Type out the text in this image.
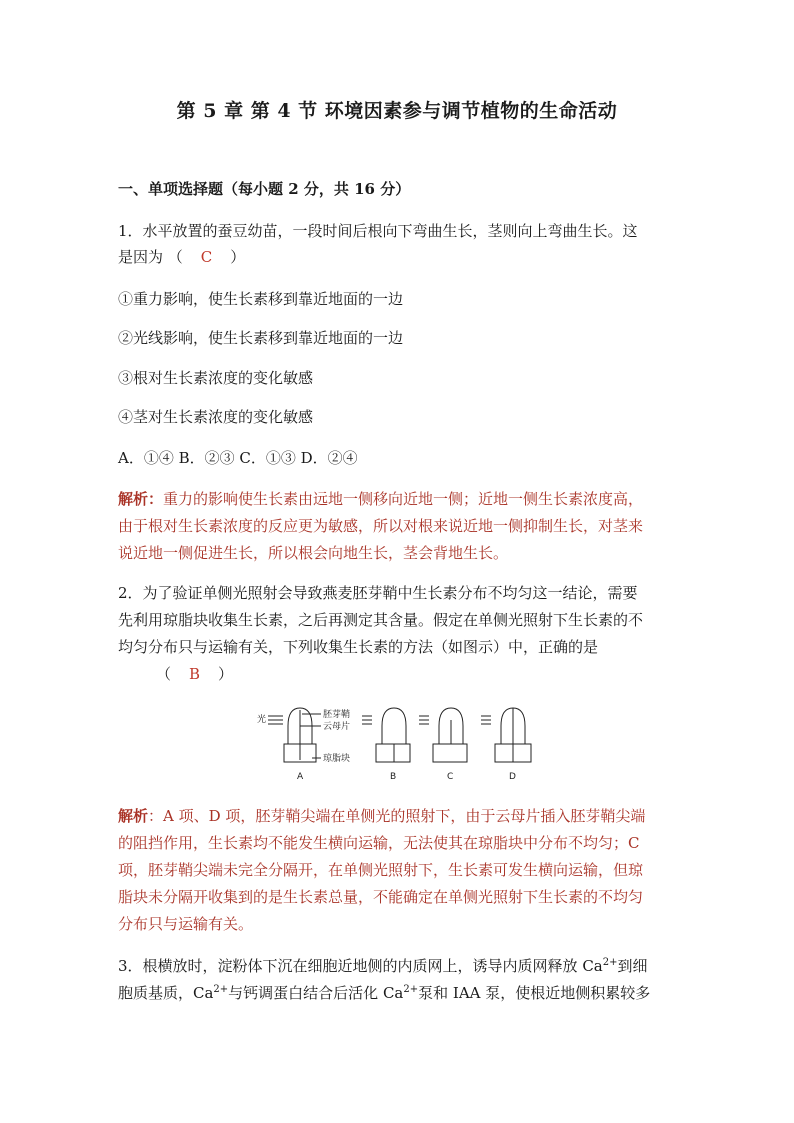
第 5 章 第 4 节 环境因素参与调节植物的生命活动
一、单项选择题（每小题 2 分，共 16 分）
1．水平放置的蚕豆幼苗，一段时间后根向下弯曲生长，茎则向上弯曲生长。这
是因为 （ C ）
①重力影响，使生长素移到靠近地面的一边
②光线影响，使生长素移到靠近地面的一边
③根对生长素浓度的变化敏感
④茎对生长素浓度的变化敏感
A．①④ B．②③ C．①③ D．②④
解析：重力的影响使生长素由远地一侧移向近地一侧；近地一侧生长素浓度高，
由于根对生长素浓度的反应更为敏感，所以对根来说近地一侧抑制生长，对茎来
说近地一侧促进生长，所以根会向地生长，茎会背地生长。
2．为了验证单侧光照射会导致燕麦胚芽鞘中生长素分布不均匀这一结论，需要
先利用琼脂块收集生长素，之后再测定其含量。假定在单侧光照射下生长素的不
均匀分布只与运输有关，下列收集生长素的方法（如图示）中，正确的是
（ B ）
光	胚芽鞘
云母片
琼脂块
A	B	C	D
解析：A 项、D 项，胚芽鞘尖端在单侧光的照射下，由于云母片插入胚芽鞘尖端
的阻挡作用，生长素均不能发生横向运输，无法使其在琼脂块中分布不均匀；C
项，胚芽鞘尖端未完全分隔开，在单侧光照射下，生长素可发生横向运输，但琼
脂块未分隔开收集到的是生长素总量，不能确定在单侧光照射下生长素的不均匀
分布只与运输有关。
3．根横放时，淀粉体下沉在细胞近地侧的内质网上，诱导内质网释放 $Ca^{2+}$到细
胞质基质，$Ca^{2+}$与钙调蛋白结合后活化 $Ca^{2+}$泵和 IAA 泵，使根近地侧积累较多
